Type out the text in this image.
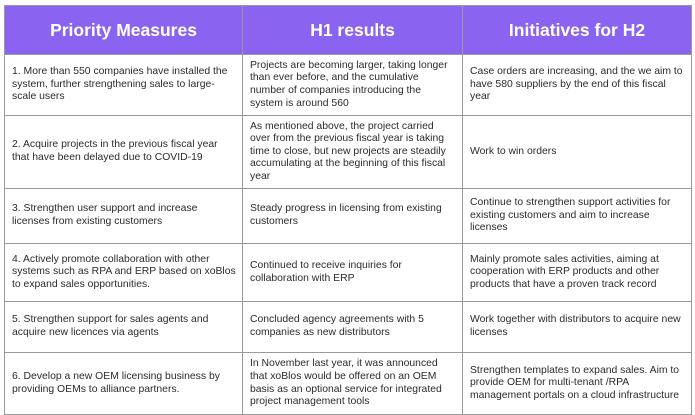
Priority Measures	H1 results	Initiatives for H2
1. More than 550 companies have installed the system, further strengthening sales to large-scale users	Projects are becoming larger, taking longer than ever before, and the cumulative number of companies introducing the system is around 560	Case orders are increasing, and the we aim to have 580 suppliers by the end of this fiscal year
2. Acquire projects in the previous fiscal year that have been delayed due to COVID-19	As mentioned above, the project carried over from the previous fiscal year is taking time to close, but new projects are steadily accumulating at the beginning of this fiscal year	Work to win orders
3. Strengthen user support and increase licenses from existing customers	Steady progress in licensing from existing customers	Continue to strengthen support activities for existing customers and aim to increase licenses
4. Actively promote collaboration with other systems such as RPA and ERP based on xoBlos to expand sales opportunities.	Continued to receive inquiries for collaboration with ERP	Mainly promote sales activities, aiming at cooperation with ERP products and other products that have a proven track record
5. Strengthen support for sales agents and acquire new licences via agents	Concluded agency agreements with 5 companies as new distributors	Work together with distributors to acquire new licenses
6. Develop a new OEM licensing business by providing OEMs to alliance partners.	In November last year, it was announced that xoBlos would be offered on an OEM basis as an optional service for integrated project management tools	Strengthen templates to expand sales. Aim to provide OEM for multi-tenant /RPA management portals on a cloud infrastructure
